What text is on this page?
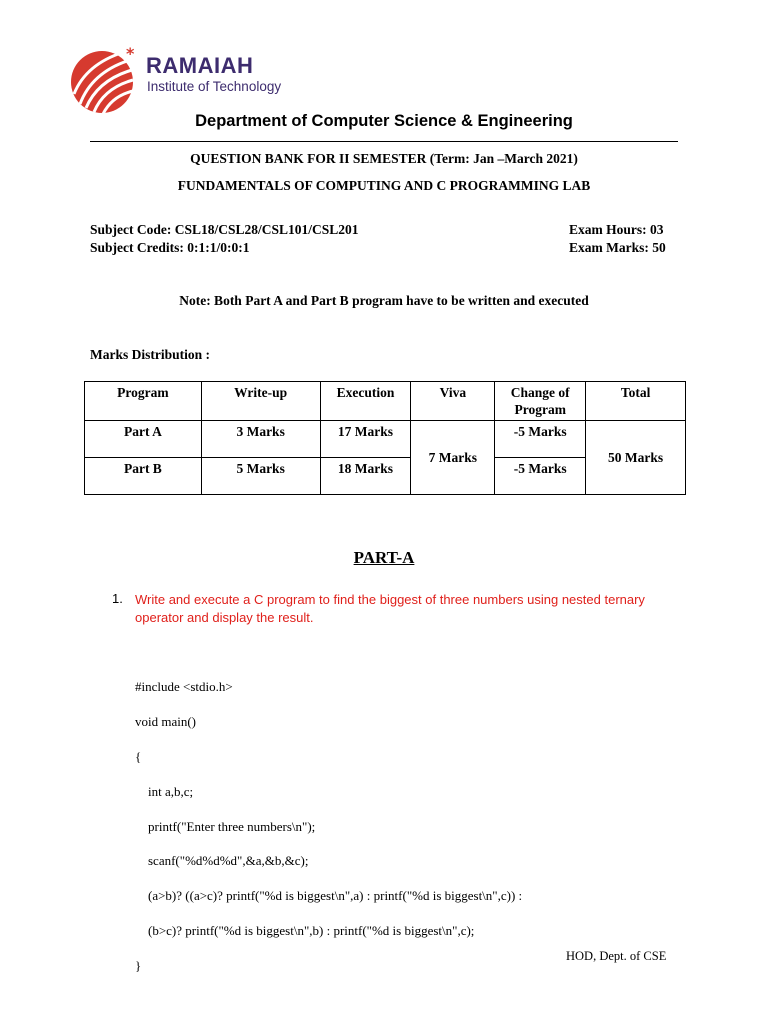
* RAMAIAH
Institute of Technology
Department of Computer Science & Engineering
QUESTION BANK FOR II SEMESTER (Term: Jan –March 2021)
FUNDAMENTALS OF COMPUTING AND C PROGRAMMING LAB
Subject Code: CSL18/CSL28/CSL101/CSL201
Subject Credits: 0:1:1/0:0:1
Exam Hours: 03
Exam Marks: 50
Note: Both Part A and Part B program have to be written and executed
Marks Distribution :
Program	Write-up	Execution	Viva	Change of Program	Total
Part A	3 Marks	17 Marks	7 Marks	-5 Marks	50 Marks
Part B	5 Marks	18 Marks		-5 Marks	
PART-A
1. Write and execute a C program to find the biggest of three numbers using nested ternary operator and display the result.

#include <stdio.h>

void main()

{

int a,b,c;

printf("Enter three numbers\n");

scanf("%d%d%d",&a,&b,&c);

(a>b)? ((a>c)? printf("%d is biggest\n",a) : printf("%d is biggest\n",c)) :

(b>c)? printf("%d is biggest\n",b) : printf("%d is biggest\n",c);

}

HOD, Dept. of CSE
